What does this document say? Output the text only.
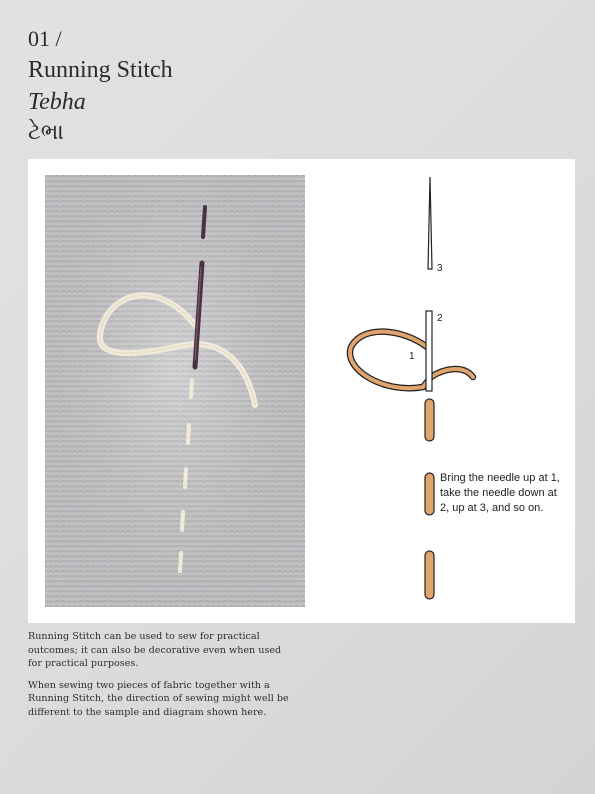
01 /
Running Stitch
Tebha
ટેભા
3
2
1
Bring the needle up at 1, take the needle down at 2, up at 3, and so on.

Running Stitch can be used to sew for practical outcomes; it can also be decorative even when used for practical purposes.

When sewing two pieces of fabric together with a Running Stitch, the direction of sewing might well be different to the sample and diagram shown here.
